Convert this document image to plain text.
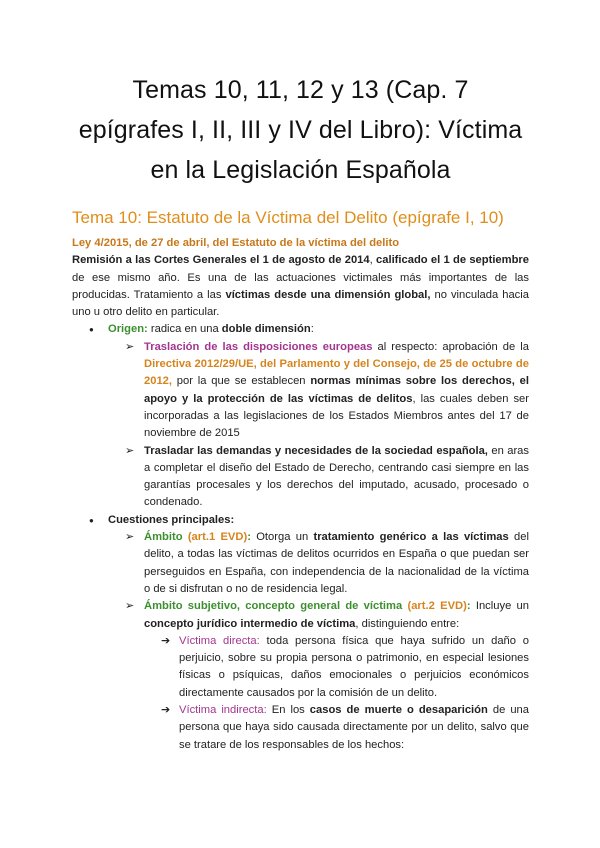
Temas 10, 11, 12 y 13 (Cap. 7
epígrafes I, II, III y IV del Libro): Víctima
en la Legislación Española
Tema 10: Estatuto de la Víctima del Delito (epígrafe I, 10)

Ley 4/2015, de 27 de abril, del Estatuto de la víctima del delito

Remisión a las Cortes Generales el 1 de agosto de 2014, calificado el 1 de septiembre de ese mismo año. Es una de las actuaciones victimales más importantes de las producidas. Tratamiento a las víctimas desde una dimensión global, no vinculada hacia uno u otro delito en particular.

● Origen: radica en una doble dimensión:
➢ Traslación de las disposiciones europeas al respecto: aprobación de la Directiva 2012/29/UE, del Parlamento y del Consejo, de 25 de octubre de 2012, por la que se establecen normas mínimas sobre los derechos, el apoyo y la protección de las víctimas de delitos, las cuales deben ser incorporadas a las legislaciones de los Estados Miembros antes del 17 de noviembre de 2015
➢ Trasladar las demandas y necesidades de la sociedad española, en aras a completar el diseño del Estado de Derecho, centrando casi siempre en las garantías procesales y los derechos del imputado, acusado, procesado o condenado.
● Cuestiones principales:
➢ Ámbito (art.1 EVD): Otorga un tratamiento genérico a las víctimas del delito, a todas las víctimas de delitos ocurridos en España o que puedan ser perseguidos en España, con independencia de la nacionalidad de la víctima o de si disfrutan o no de residencia legal.
➢ Ámbito subjetivo, concepto general de víctima (art.2 EVD): Incluye un concepto jurídico intermedio de víctima, distinguiendo entre:
➔ Víctima directa: toda persona física que haya sufrido un daño o perjuicio, sobre su propia persona o patrimonio, en especial lesiones físicas o psíquicas, daños emocionales o perjuicios económicos directamente causados por la comisión de un delito.
➔ Víctima indirecta: En los casos de muerte o desaparición de una persona que haya sido causada directamente por un delito, salvo que se tratare de los responsables de los hechos:
